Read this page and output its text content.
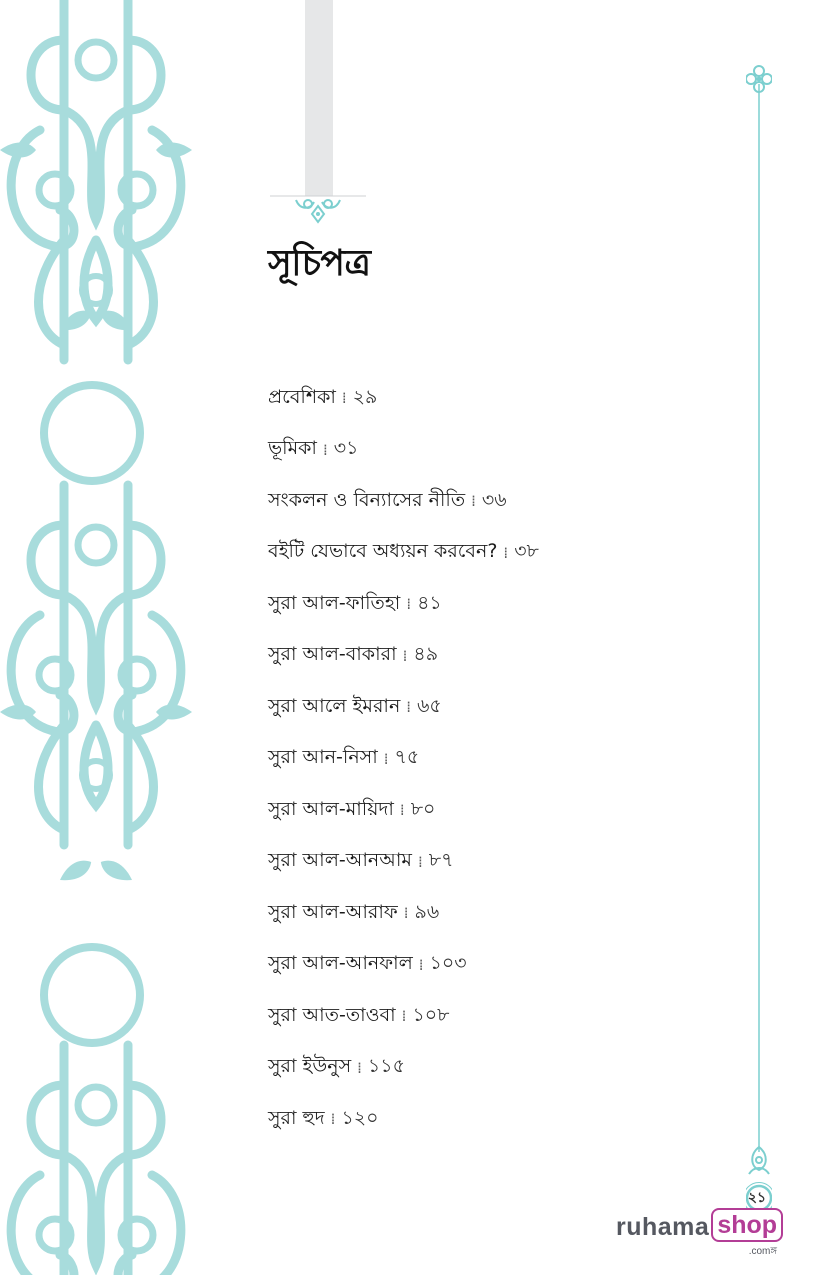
সূচিপত্র
প্রবেশিকা ⁞ ২৯
ভূমিকা ⁞ ৩১
সংকলন ও বিন্যাসের নীতি ⁞ ৩৬
বইটি যেভাবে অধ্যয়ন করবেন? ⁞ ৩৮
সুরা আল-ফাতিহা ⁞ ৪১
সুরা আল-বাকারা ⁞ ৪৯
সুরা আলে ইমরান ⁞ ৬৫
সুরা আন-নিসা ⁞ ৭৫
সুরা আল-মায়িদা ⁞ ৮০
সুরা আল-আনআম ⁞ ৮৭
সুরা আল-আরাফ ⁞ ৯৬
সুরা আল-আনফাল ⁞ ১০৩
সুরা আত-তাওবা ⁞ ১০৮
সুরা ইউনুস ⁞ ১১৫
সুরা হুদ ⁞ ১২০
২১
ruhama shop
.comঙ্গ
